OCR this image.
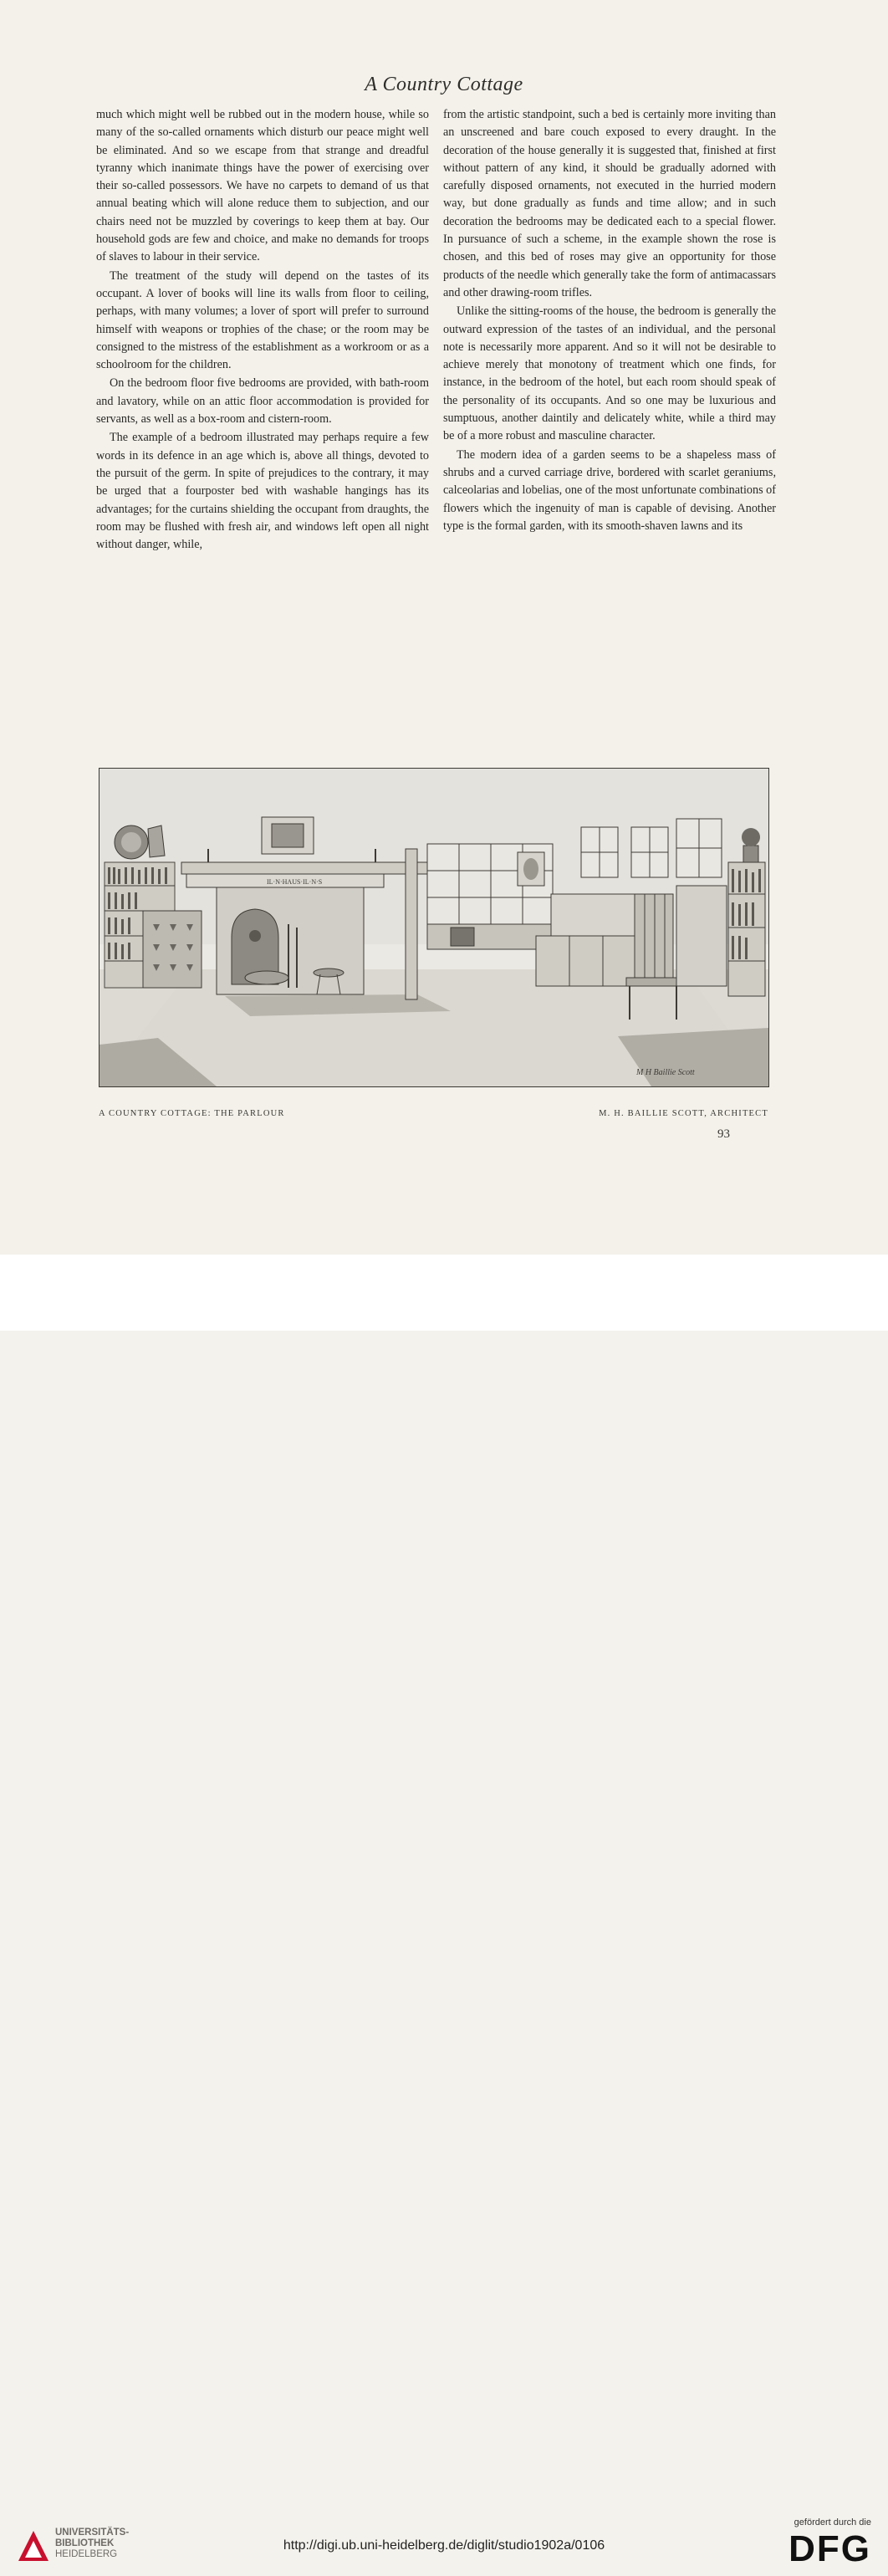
A Country Cottage

much which might well be rubbed out in the modern house, while so many of the so-called ornaments which disturb our peace might well be eliminated. And so we escape from that strange and dreadful tyranny which inanimate things have the power of exercising over their so-called possessors. We have no carpets to demand of us that annual beating which will alone reduce them to subjection, and our chairs need not be muzzled by coverings to keep them at bay. Our household gods are few and choice, and make no demands for troops of slaves to labour in their service.

The treatment of the study will depend on the tastes of its occupant. A lover of books will line its walls from floor to ceiling, perhaps, with many volumes; a lover of sport will prefer to surround himself with weapons or trophies of the chase; or the room may be consigned to the mistress of the establishment as a workroom or as a schoolroom for the children.

On the bedroom floor five bedrooms are provided, with bath-room and lavatory, while on an attic floor accommodation is provided for servants, as well as a box-room and cistern-room.

The example of a bedroom illustrated may perhaps require a few words in its defence in an age which is, above all things, devoted to the pursuit of the germ. In spite of prejudices to the contrary, it may be urged that a fourposter bed with washable hangings has its advantages; for the curtains shielding the occupant from draughts, the room may be flushed with fresh air, and windows left open all night without danger, while,

from the artistic standpoint, such a bed is certainly more inviting than an unscreened and bare couch exposed to every draught. In the decoration of the house generally it is suggested that, finished at first without pattern of any kind, it should be gradually adorned with carefully disposed ornaments, not executed in the hurried modern way, but done gradually as funds and time allow; and in such decoration the bedrooms may be dedicated each to a special flower. In pursuance of such a scheme, in the example shown the rose is chosen, and this bed of roses may give an opportunity for those products of the needle which generally take the form of antimacassars and other drawing-room trifles.

Unlike the sitting-rooms of the house, the bedroom is generally the outward expression of the tastes of an individual, and the personal note is necessarily more apparent. And so it will not be desirable to achieve merely that monotony of treatment which one finds, for instance, in the bedroom of the hotel, but each room should speak of the personality of its occupants. And so one may be luxurious and sumptuous, another daintily and delicately white, while a third may be of a more robust and masculine character.

The modern idea of a garden seems to be a shapeless mass of shrubs and a curved carriage drive, bordered with scarlet geraniums, calceolarias and lobelias, one of the most unfortunate combinations of flowers which the ingenuity of man is capable of devising. Another type is the formal garden, with its smooth-shaven lawns and its

IL·N·HAUS·IL·N·S
M H Baillie Scott
A COUNTRY COTTAGE: THE PARLOUR	M. H. BAILLIE SCOTT, ARCHITECT
93
UNIVERSITÄTS-
BIBLIOTHEK
HEIDELBERG
http://digi.ub.uni-heidelberg.de/diglit/studio1902a/0106
gefördert durch die
DFG
